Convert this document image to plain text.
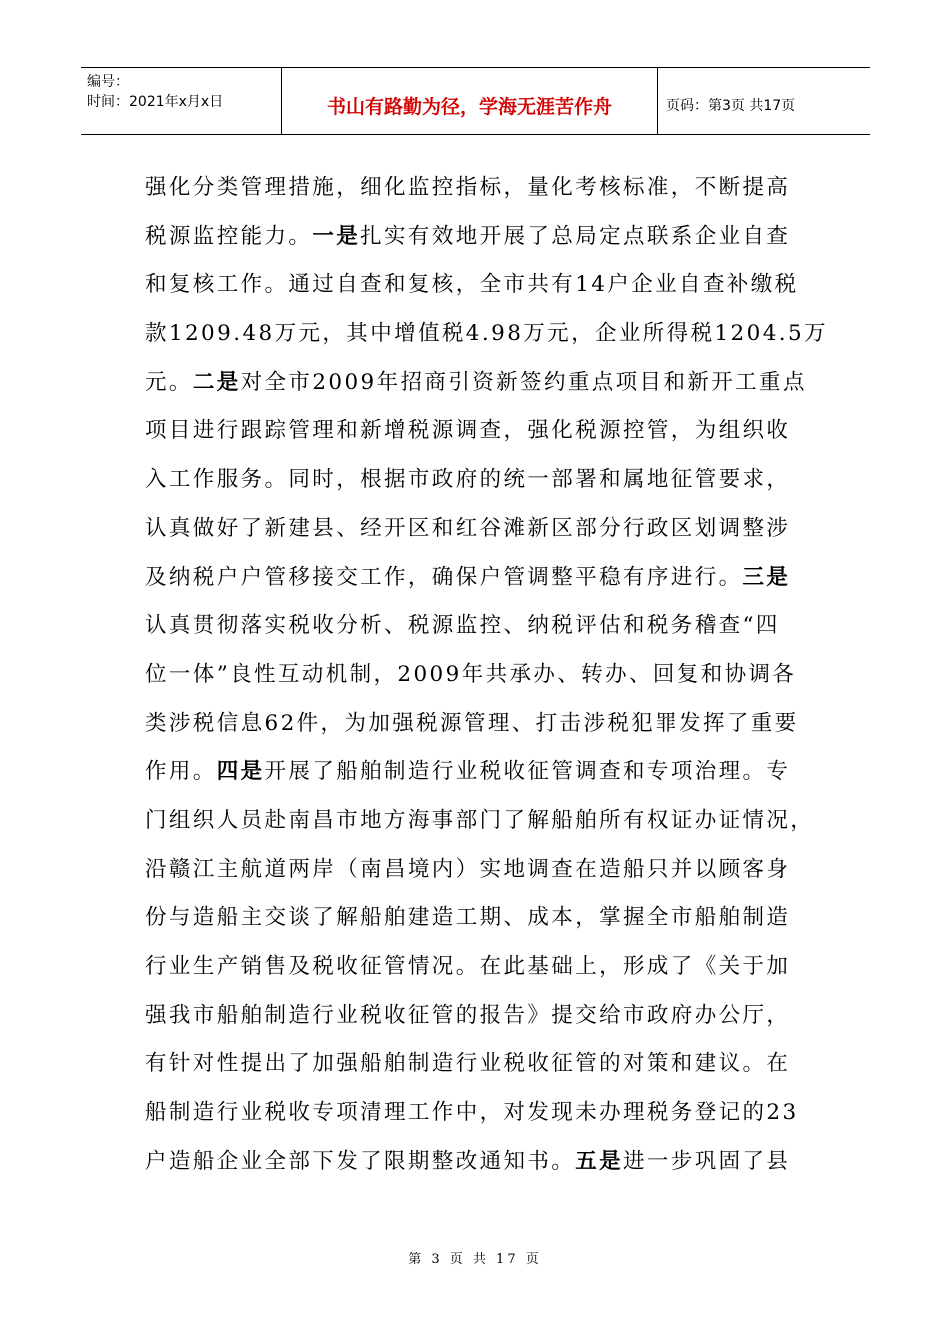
编号：
时间：2021年x月x日	书山有路勤为径，学海无涯苦作舟	页码：第3页 共17页
强化分类管理措施，细化监控指标，量化考核标准，不断提高
税源监控能力。一是扎实有效地开展了总局定点联系企业自查
和复核工作。通过自查和复核，全市共有14户企业自查补缴税
款1209.48万元，其中增值税4.98万元，企业所得税1204.5万
元。二是对全市2009年招商引资新签约重点项目和新开工重点
项目进行跟踪管理和新增税源调查，强化税源控管，为组织收
入工作服务。同时，根据市政府的统一部署和属地征管要求，
认真做好了新建县、经开区和红谷滩新区部分行政区划调整涉
及纳税户户管移接交工作，确保户管调整平稳有序进行。三是
认真贯彻落实税收分析、税源监控、纳税评估和税务稽查“四
位一体”良性互动机制，2009年共承办、转办、回复和协调各
类涉税信息62件，为加强税源管理、打击涉税犯罪发挥了重要
作用。四是开展了船舶制造行业税收征管调查和专项治理。专
门组织人员赴南昌市地方海事部门了解船舶所有权证办证情况，
沿赣江主航道两岸（南昌境内）实地调查在造船只并以顾客身
份与造船主交谈了解船舶建造工期、成本，掌握全市船舶制造
行业生产销售及税收征管情况。在此基础上，形成了《关于加
强我市船舶制造行业税收征管的报告》提交给市政府办公厅，
有针对性提出了加强船舶制造行业税收征管的对策和建议。在
船制造行业税收专项清理工作中，对发现未办理税务登记的23
户造船企业全部下发了限期整改通知书。五是进一步巩固了县
第 3 页 共 17 页
